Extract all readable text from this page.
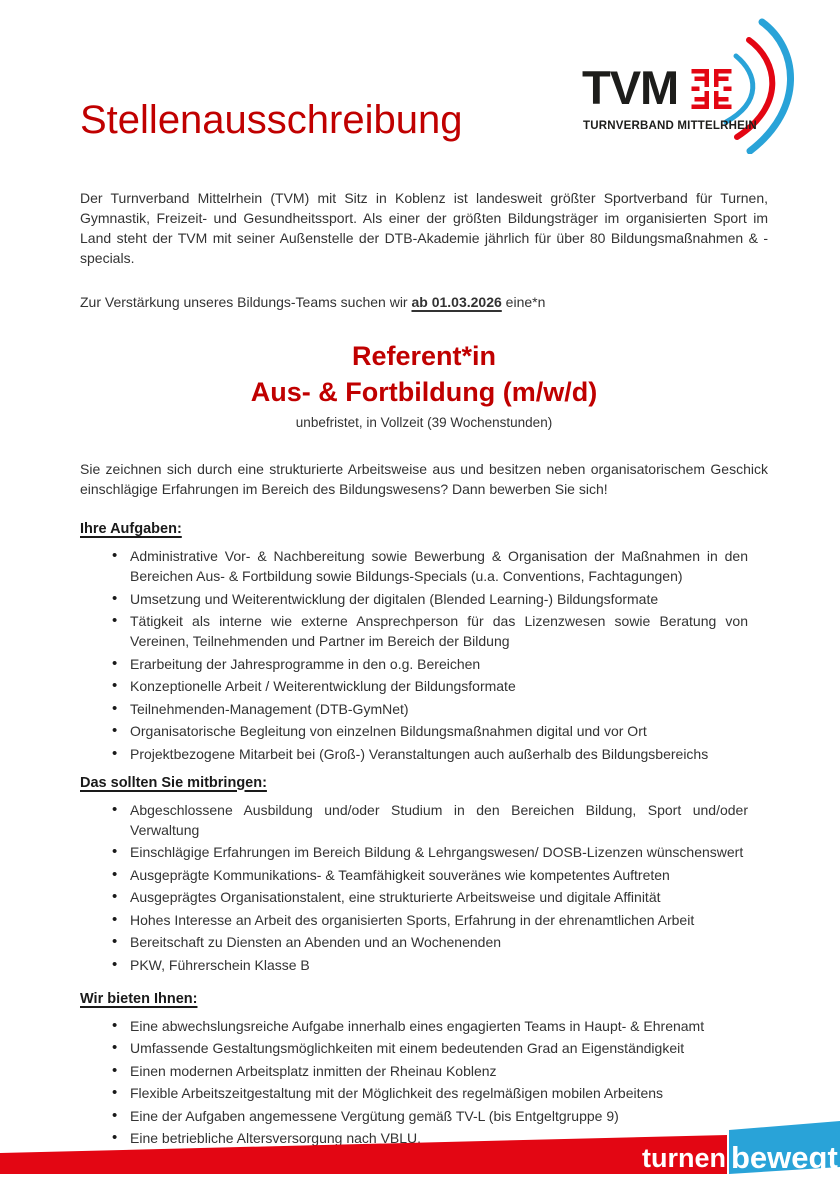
TVM
TURNVERBAND MITTELRHEIN
Stellenausschreibung

Der Turnverband Mittelrhein (TVM) mit Sitz in Koblenz ist landesweit größter Sportverband für Turnen, Gymnastik, Freizeit- und Gesundheitssport. Als einer der größten Bildungsträger im organisierten Sport im Land steht der TVM mit seiner Außenstelle der DTB-Akademie jährlich für über 80 Bildungsmaßnahmen & -specials.

Zur Verstärkung unseres Bildungs-Teams suchen wir ab 01.03.2026 eine*n

Referent*in
Aus- & Fortbildung (m/w/d)
unbefristet, in Vollzeit (39 Wochenstunden)

Sie zeichnen sich durch eine strukturierte Arbeitsweise aus und besitzen neben organisatorischem Geschick einschlägige Erfahrungen im Bereich des Bildungswesens? Dann bewerben Sie sich!

Ihre Aufgaben:
• Administrative Vor- & Nachbereitung sowie Bewerbung & Organisation der Maßnahmen in den Bereichen Aus- & Fortbildung sowie Bildungs-Specials (u.a. Conventions, Fachtagungen)
• Umsetzung und Weiterentwicklung der digitalen (Blended Learning-) Bildungsformate
• Tätigkeit als interne wie externe Ansprechperson für das Lizenzwesen sowie Beratung von Vereinen, Teilnehmenden und Partner im Bereich der Bildung
• Erarbeitung der Jahresprogramme in den o.g. Bereichen
• Konzeptionelle Arbeit / Weiterentwicklung der Bildungsformate
• Teilnehmenden-Management (DTB-GymNet)
• Organisatorische Begleitung von einzelnen Bildungsmaßnahmen digital und vor Ort
• Projektbezogene Mitarbeit bei (Groß-) Veranstaltungen auch außerhalb des Bildungsbereichs
Das sollten Sie mitbringen:
• Abgeschlossene Ausbildung und/oder Studium in den Bereichen Bildung, Sport und/oder Verwaltung
• Einschlägige Erfahrungen im Bereich Bildung & Lehrgangswesen/ DOSB-Lizenzen wünschenswert
• Ausgeprägte Kommunikations- & Teamfähigkeit souveränes wie kompetentes Auftreten
• Ausgeprägtes Organisationstalent, eine strukturierte Arbeitsweise und digitale Affinität
• Hohes Interesse an Arbeit des organisierten Sports, Erfahrung in der ehrenamtlichen Arbeit
• Bereitschaft zu Diensten an Abenden und an Wochenenden
• PKW, Führerschein Klasse B
Wir bieten Ihnen:
• Eine abwechslungsreiche Aufgabe innerhalb eines engagierten Teams in Haupt- & Ehrenamt
• Umfassende Gestaltungsmöglichkeiten mit einem bedeutenden Grad an Eigenständigkeit
• Einen modernen Arbeitsplatz inmitten der Rheinau Koblenz
• Flexible Arbeitszeitgestaltung mit der Möglichkeit des regelmäßigen mobilen Arbeitens
• Eine der Aufgaben angemessene Vergütung gemäß TV-L (bis Entgeltgruppe 9)
• Eine betriebliche Altersversorgung nach VBLU.
turnen bewegt
